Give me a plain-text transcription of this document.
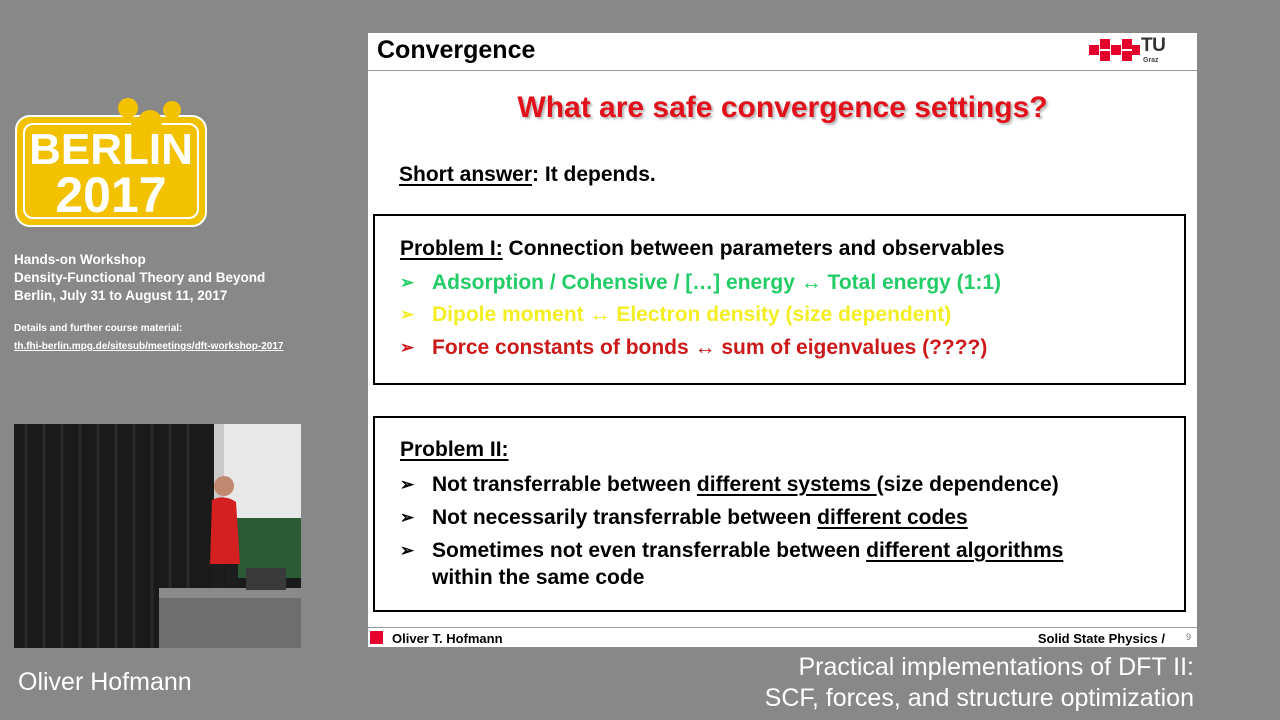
BERLIN
2017
Hands-on Workshop
Density-Functional Theory and Beyond
Berlin, July 31 to August 11, 2017
Details and further course material:
th.fhi-berlin.mpg.de/sitesub/meetings/dft-workshop-2017
Oliver Hofmann
Practical implementations of DFT II:
SCF, forces, and structure optimization
Convergence	TU
Graz
What are safe convergence settings?
Short answer: It depends.
Problem I: Connection between parameters and observables
➢ Adsorption / Cohensive / […] energy ↔ Total energy (1:1)
➢ Dipole moment ↔ Electron density (size dependent)
➢ Force constants of bonds ↔ sum of eigenvalues (????)
Problem II:
➢ Not transferrable between different systems (size dependence)
➢ Not necessarily transferrable between different codes
➢ Sometimes not even transferrable between different algorithms
within the same code
Oliver T. Hofmann	Solid State Physics / 9
